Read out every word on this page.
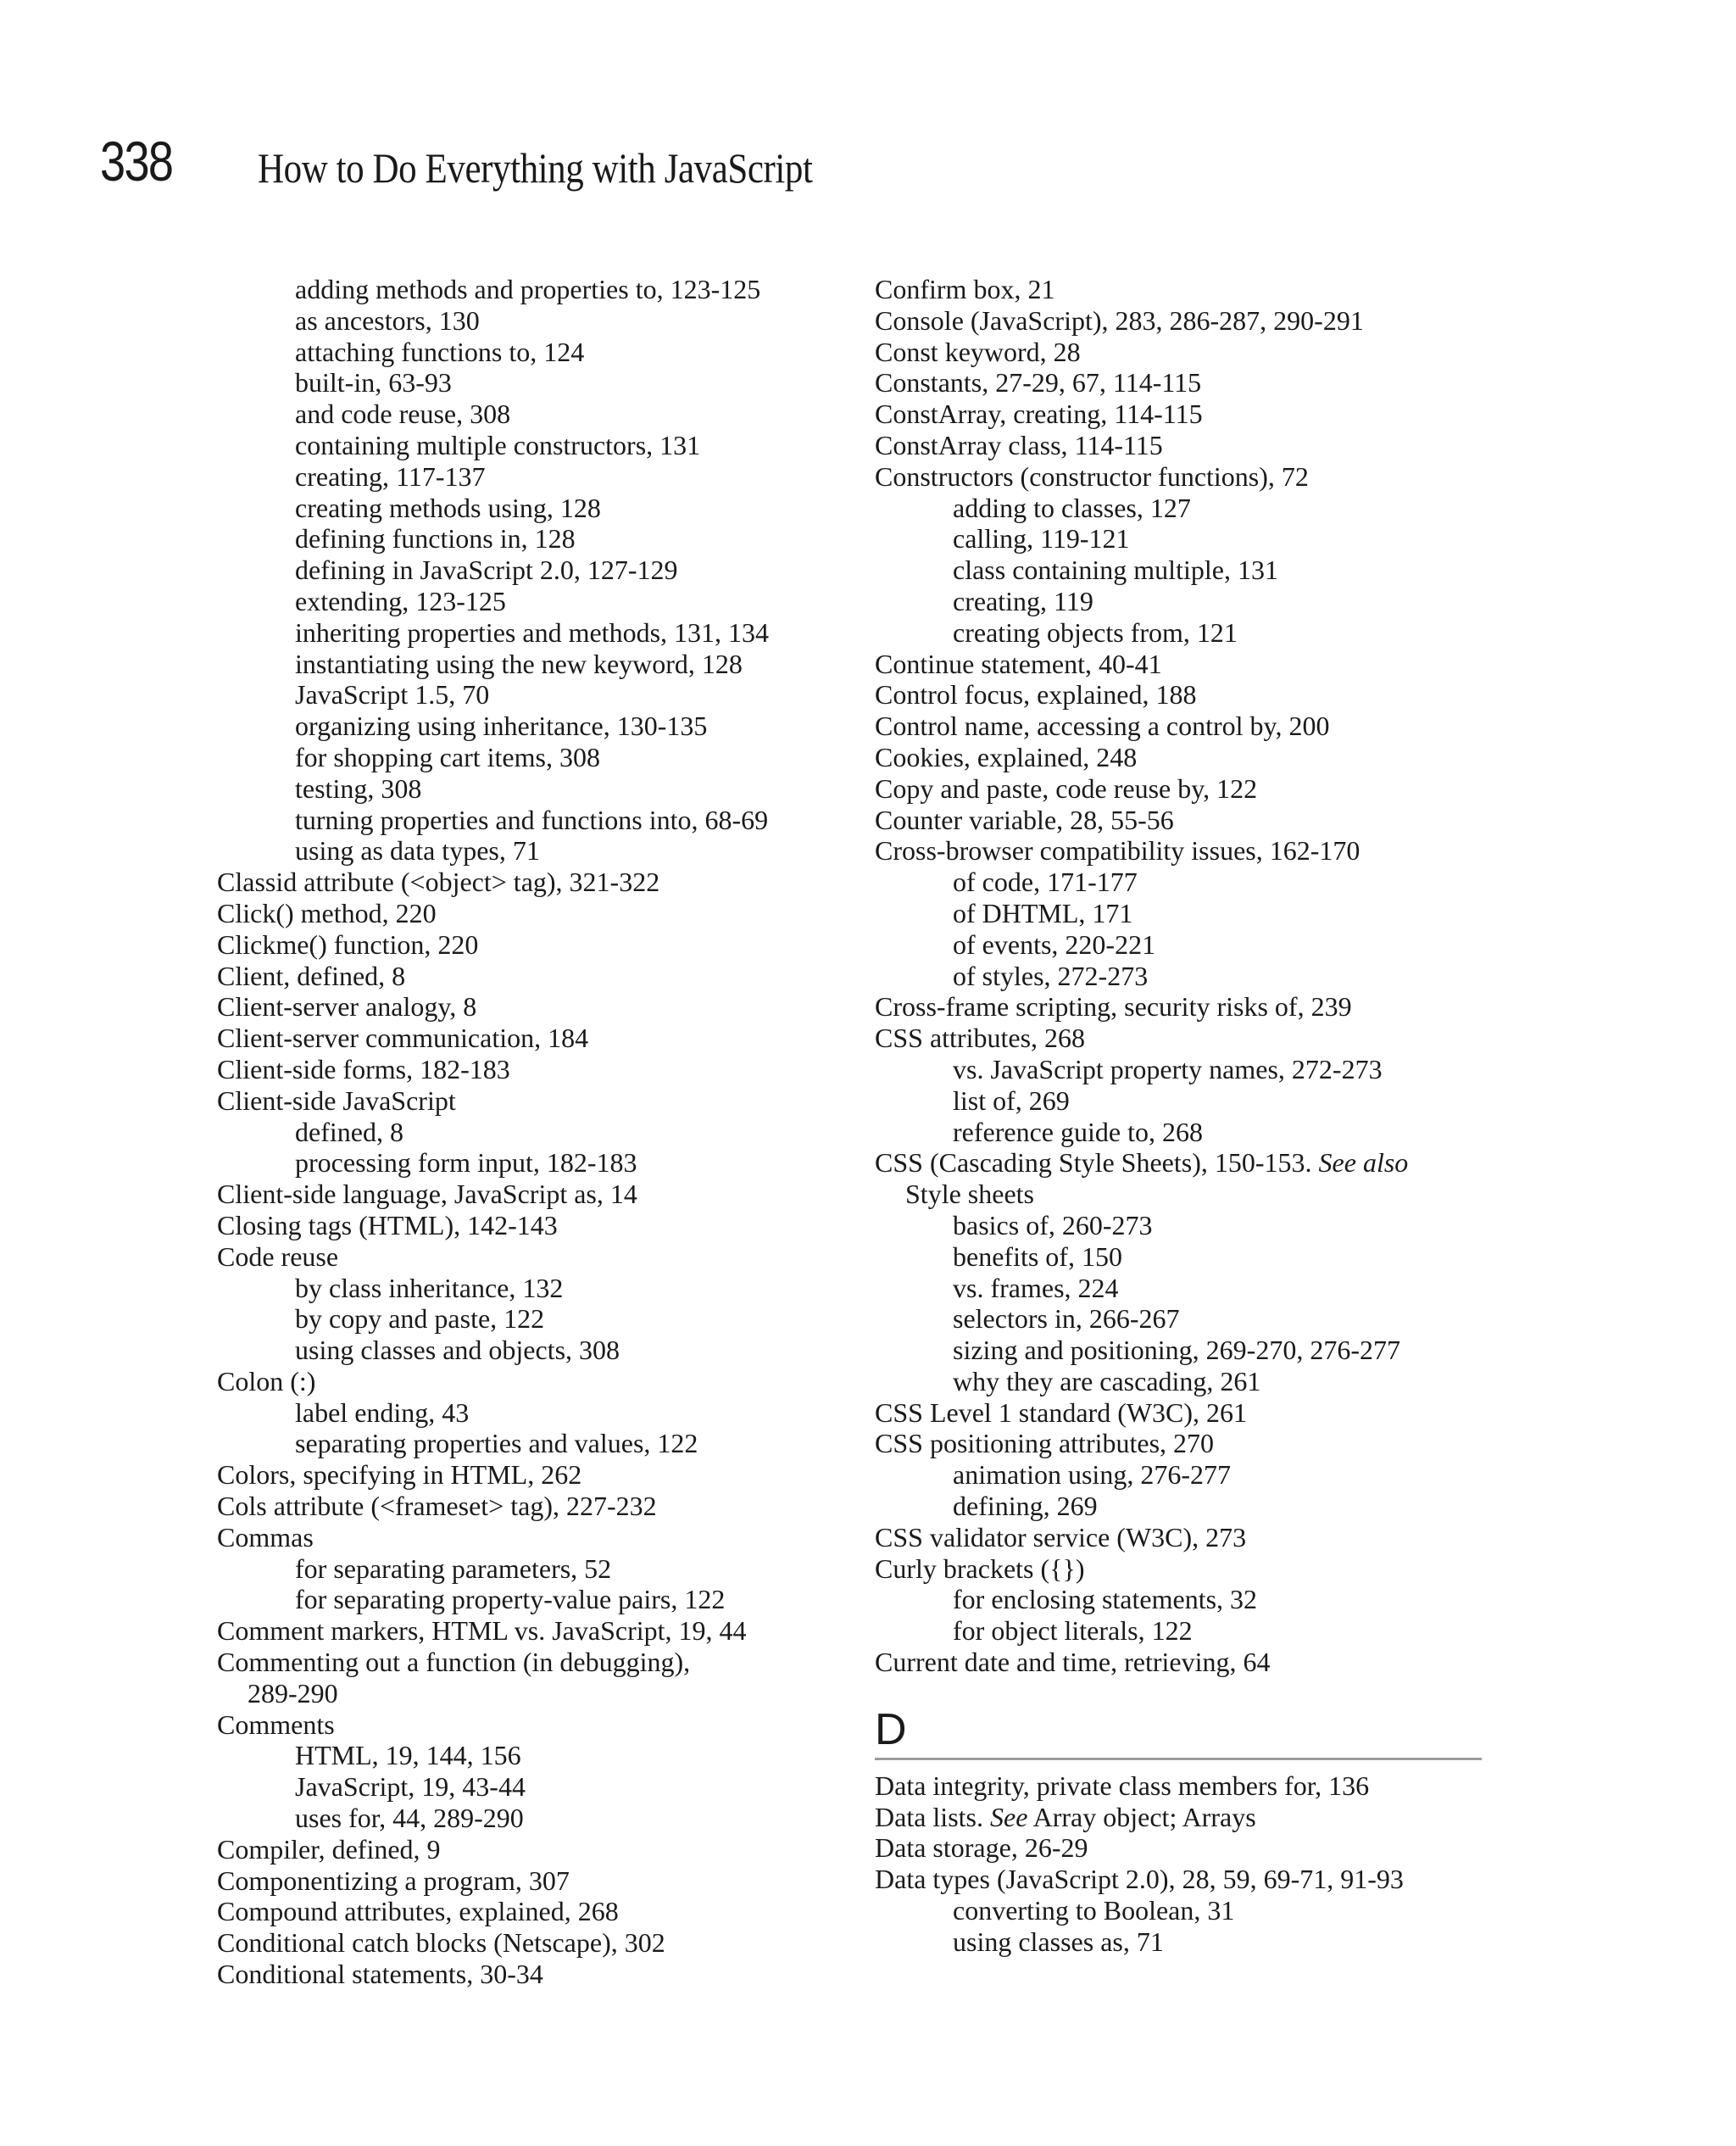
338 How to Do Everything with JavaScript
adding methods and properties to, 123-125
as ancestors, 130
attaching functions to, 124
built-in, 63-93
and code reuse, 308
containing multiple constructors, 131
creating, 117-137
creating methods using, 128
defining functions in, 128
defining in JavaScript 2.0, 127-129
extending, 123-125
inheriting properties and methods, 131, 134
instantiating using the new keyword, 128
JavaScript 1.5, 70
organizing using inheritance, 130-135
for shopping cart items, 308
testing, 308
turning properties and functions into, 68-69
using as data types, 71
Classid attribute (<object> tag), 321-322
Click() method, 220
Clickme() function, 220
Client, defined, 8
Client-server analogy, 8
Client-server communication, 184
Client-side forms, 182-183
Client-side JavaScript
defined, 8
processing form input, 182-183
Client-side language, JavaScript as, 14
Closing tags (HTML), 142-143
Code reuse
by class inheritance, 132
by copy and paste, 122
using classes and objects, 308
Colon (:)
label ending, 43
separating properties and values, 122
Colors, specifying in HTML, 262
Cols attribute (<frameset> tag), 227-232
Commas
for separating parameters, 52
for separating property-value pairs, 122
Comment markers, HTML vs. JavaScript, 19, 44
Commenting out a function (in debugging),
289-290
Comments
HTML, 19, 144, 156
JavaScript, 19, 43-44
uses for, 44, 289-290
Compiler, defined, 9
Componentizing a program, 307
Compound attributes, explained, 268
Conditional catch blocks (Netscape), 302
Conditional statements, 30-34
Confirm box, 21
Console (JavaScript), 283, 286-287, 290-291
Const keyword, 28
Constants, 27-29, 67, 114-115
ConstArray, creating, 114-115
ConstArray class, 114-115
Constructors (constructor functions), 72
adding to classes, 127
calling, 119-121
class containing multiple, 131
creating, 119
creating objects from, 121
Continue statement, 40-41
Control focus, explained, 188
Control name, accessing a control by, 200
Cookies, explained, 248
Copy and paste, code reuse by, 122
Counter variable, 28, 55-56
Cross-browser compatibility issues, 162-170
of code, 171-177
of DHTML, 171
of events, 220-221
of styles, 272-273
Cross-frame scripting, security risks of, 239
CSS attributes, 268
vs. JavaScript property names, 272-273
list of, 269
reference guide to, 268
CSS (Cascading Style Sheets), 150-153. See also
Style sheets
basics of, 260-273
benefits of, 150
vs. frames, 224
selectors in, 266-267
sizing and positioning, 269-270, 276-277
why they are cascading, 261
CSS Level 1 standard (W3C), 261
CSS positioning attributes, 270
animation using, 276-277
defining, 269
CSS validator service (W3C), 273
Curly brackets ({})
for enclosing statements, 32
for object literals, 122
Current date and time, retrieving, 64
D
Data integrity, private class members for, 136
Data lists. See Array object; Arrays
Data storage, 26-29
Data types (JavaScript 2.0), 28, 59, 69-71, 91-93
converting to Boolean, 31
using classes as, 71
